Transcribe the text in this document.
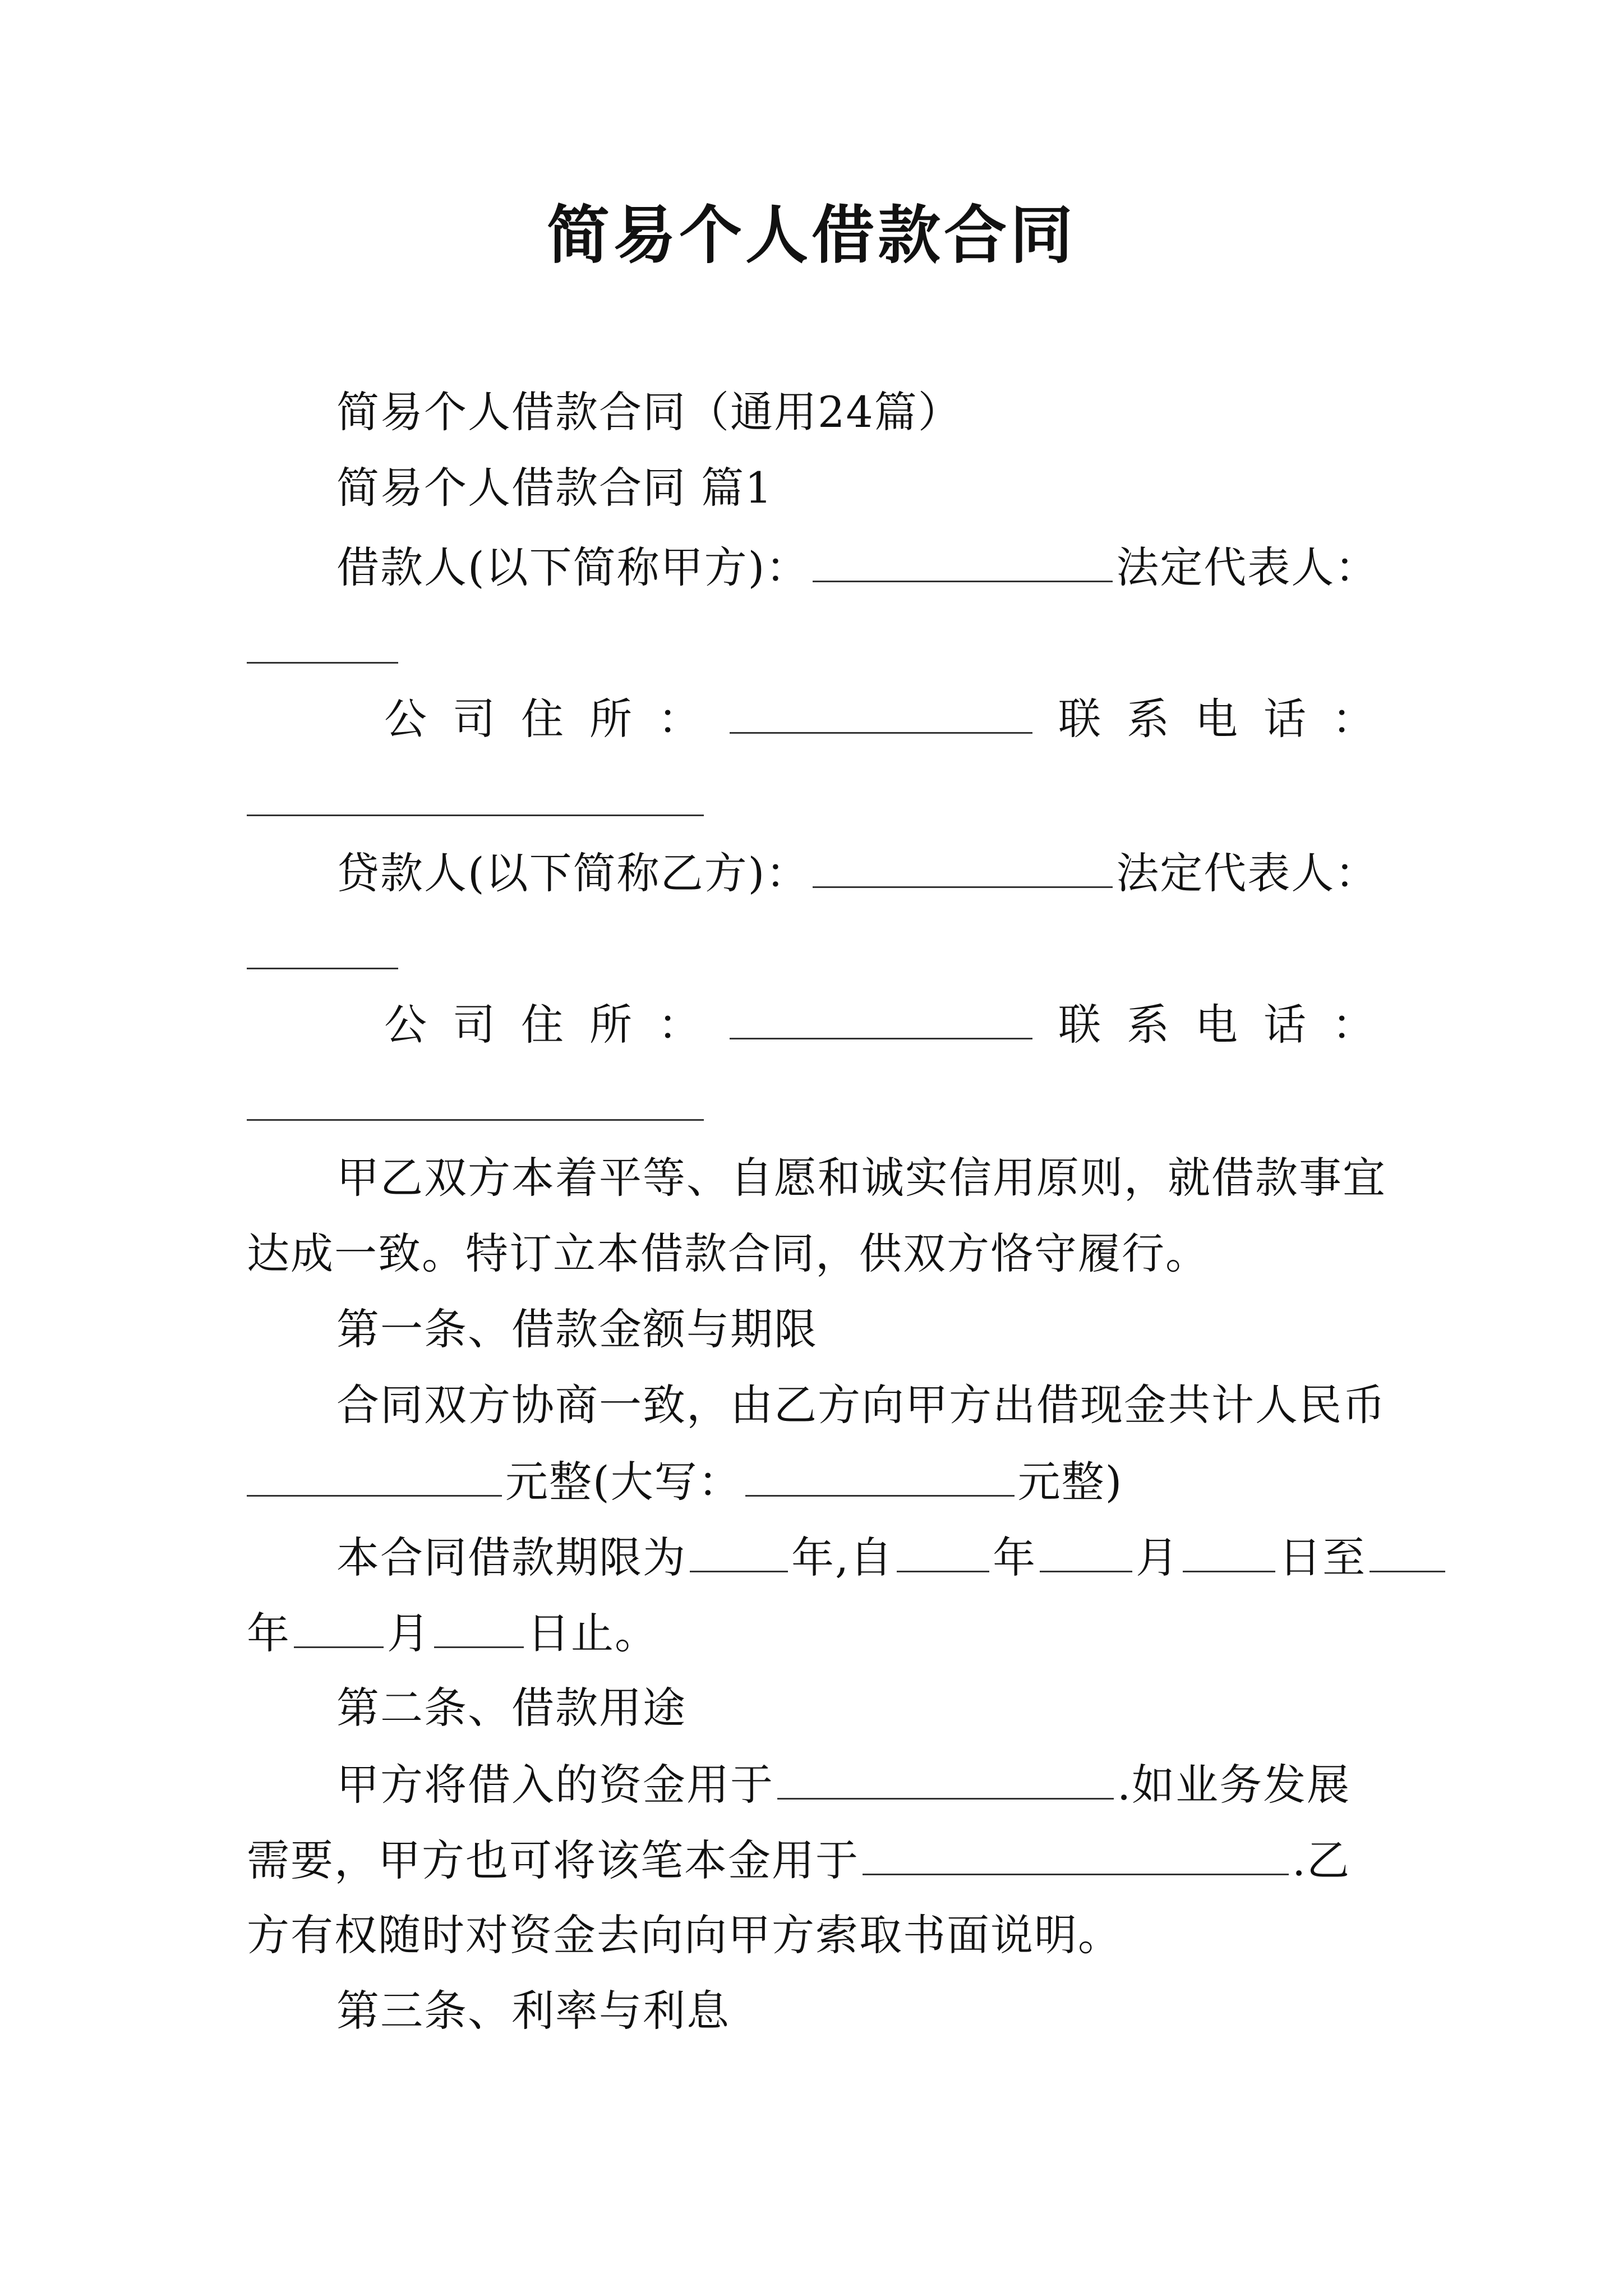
简易个人借款合同
简易个人借款合同（通用24篇）
简易个人借款合同 篇1
借款人(以下简称甲方)：	法定代表人：
公司住所：	联系电话：
贷款人(以下简称乙方)：	法定代表人：
公司住所：	联系电话：
甲乙双方本着平等、自愿和诚实信用原则，就借款事宜
达成一致。特订立本借款合同，供双方恪守履行。
第一条、借款金额与期限
合同双方协商一致，由乙方向甲方出借现金共计人民币
元整(大写：	元整)
本合同借款期限为 年,自 年 月 日至
年 月 日止。
第二条、借款用途
甲方将借入的资金用于	.如业务发展
需要，甲方也可将该笔本金用于	.乙
方有权随时对资金去向向甲方索取书面说明。
第三条、利率与利息
